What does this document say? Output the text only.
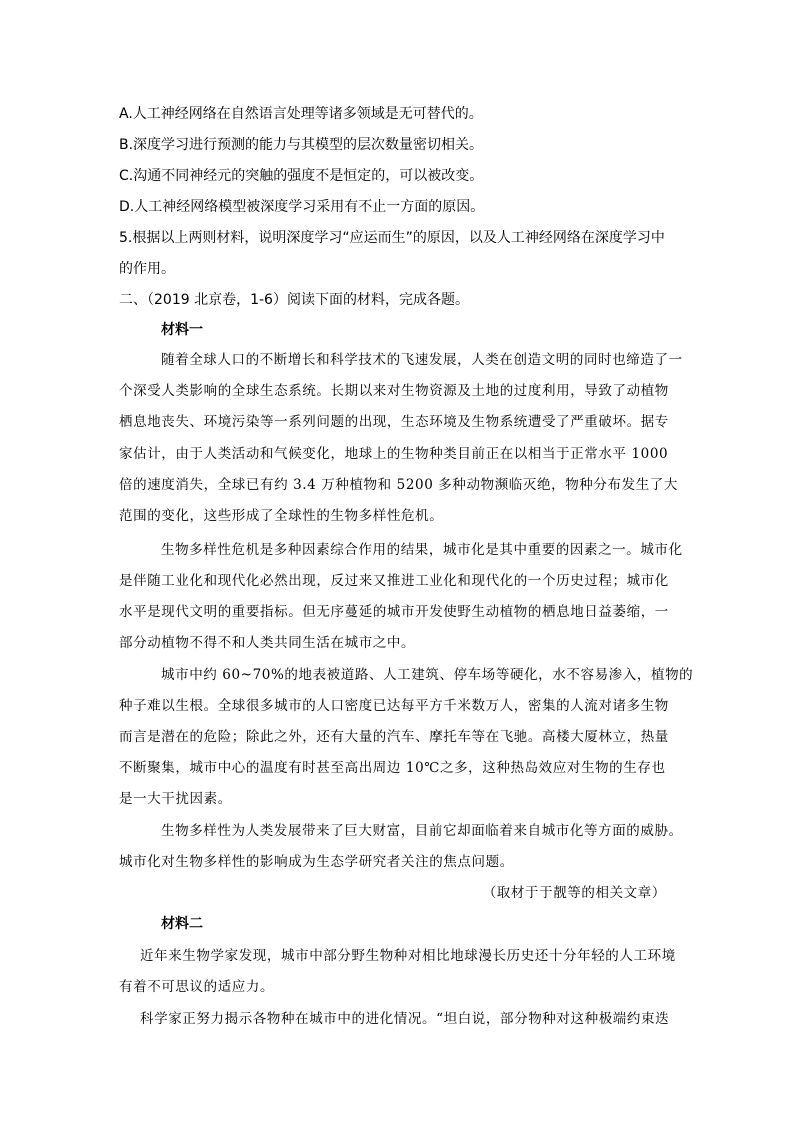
A.人工神经网络在自然语言处理等诸多领域是无可替代的。
B.深度学习进行预测的能力与其模型的层次数量密切相关。
C.沟通不同神经元的突触的强度不是恒定的，可以被改变。
D.人工神经网络模型被深度学习采用有不止一方面的原因。
5.根据以上两则材料，说明深度学习“应运而生”的原因，以及人工神经网络在深度学习中
的作用。
二、（2019 北京卷，1-6）阅读下面的材料，完成各题。
材料一
随着全球人口的不断增长和科学技术的飞速发展，人类在创造文明的同时也缔造了一
个深受人类影响的全球生态系统。长期以来对生物资源及土地的过度利用，导致了动植物
栖息地丧失、环境污染等一系列问题的出现，生态环境及生物系统遭受了严重破坏。据专
家估计，由于人类活动和气候变化，地球上的生物种类目前正在以相当于正常水平 1000
倍的速度消失，全球已有约 3.4 万种植物和 5200 多种动物濒临灭绝，物种分布发生了大
范围的变化，这些形成了全球性的生物多样性危机。
生物多样性危机是多种因素综合作用的结果，城市化是其中重要的因素之一。城市化
是伴随工业化和现代化必然出现，反过来又推进工业化和现代化的一个历史过程；城市化
水平是现代文明的重要指标。但无序蔓延的城市开发使野生动植物的栖息地日益萎缩，一
部分动植物不得不和人类共同生活在城市之中。
城市中约 60~70%的地表被道路、人工建筑、停车场等硬化，水不容易渗入，植物的
种子难以生根。全球很多城市的人口密度已达每平方千米数万人，密集的人流对诸多生物
而言是潜在的危险；除此之外，还有大量的汽车、摩托车等在飞驰。高楼大厦林立，热量
不断聚集，城市中心的温度有时甚至高出周边 10℃之多，这种热岛效应对生物的生存也
是一大干扰因素。
生物多样性为人类发展带来了巨大财富，目前它却面临着来自城市化等方面的威胁。
城市化对生物多样性的影响成为生态学研究者关注的焦点问题。
（取材于于靓等的相关文章）
材料二
近年来生物学家发现，城市中部分野生物种对相比地球漫长历史还十分年轻的人工环境
有着不可思议的适应力。
科学家正努力揭示各物种在城市中的进化情况。“坦白说，部分物种对这种极端约束迭
